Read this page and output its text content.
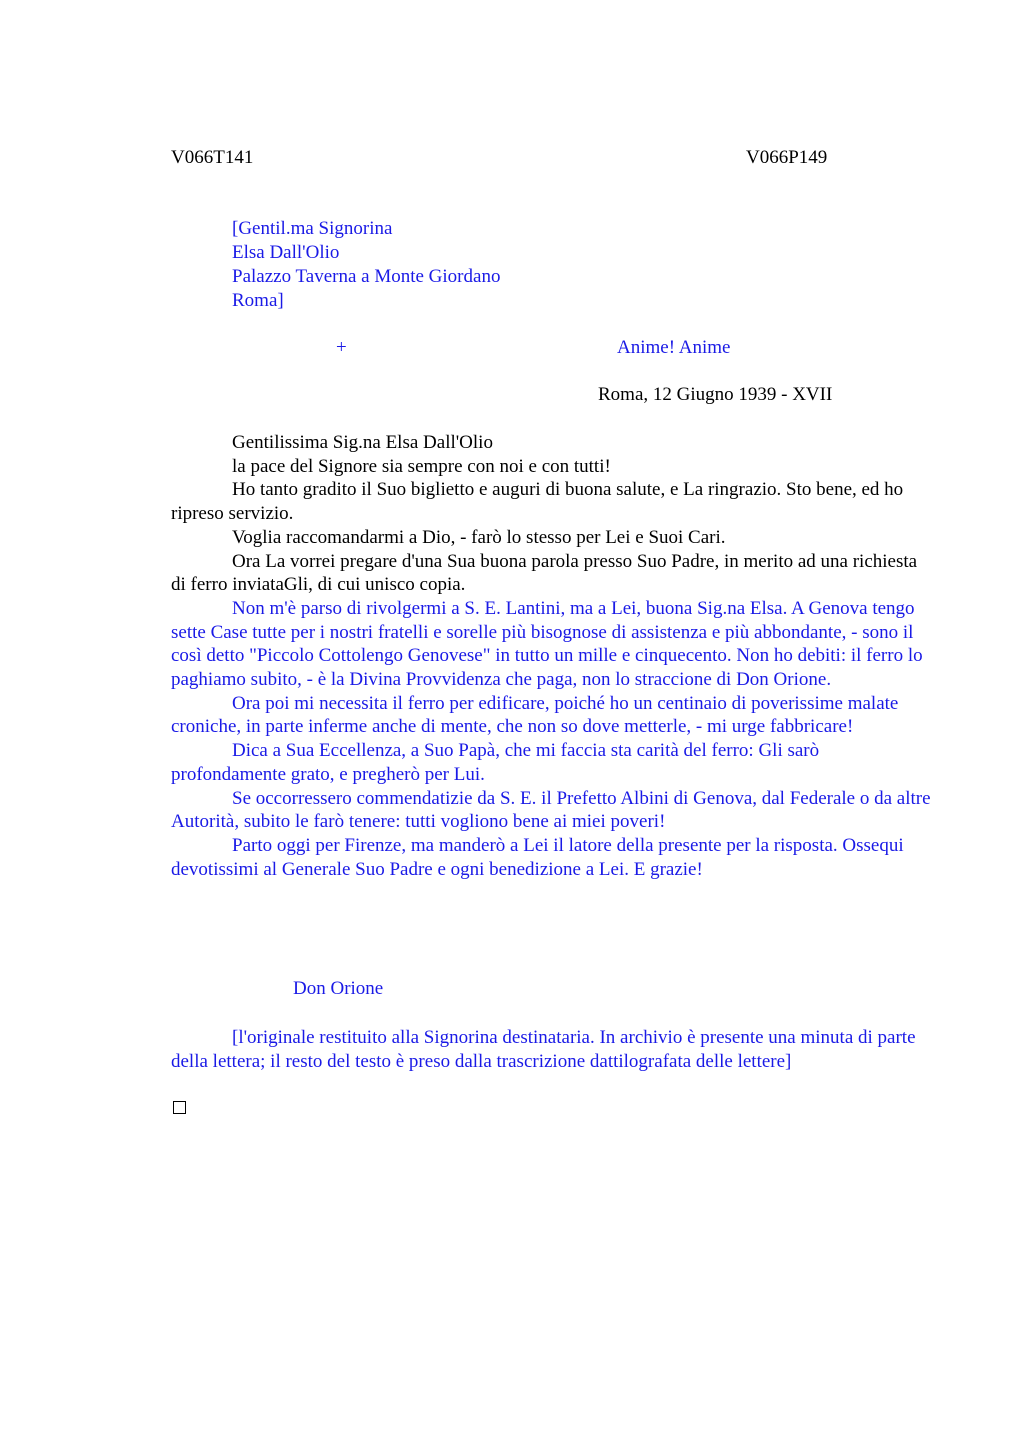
V066T141	V066P149
[Gentil.ma Signorina
Elsa Dall'Olio
Palazzo Taverna a Monte Giordano
Roma]
+	Anime! Anime
Roma, 12 Giugno 1939 - XVII

Gentilissima Sig.na Elsa Dall'Olio

la pace del Signore sia sempre con noi e con tutti!

Ho tanto gradito il Suo biglietto e auguri di buona salute, e La ringrazio. Sto bene, ed ho ripreso servizio.

Voglia raccomandarmi a Dio, - farò lo stesso per Lei e Suoi Cari.

Ora La vorrei pregare d'una Sua buona parola presso Suo Padre, in merito ad una richiesta di ferro inviataGli, di cui unisco copia.

Non m'è parso di rivolgermi a S. E. Lantini, ma a Lei, buona Sig.na Elsa. A Genova tengo sette Case tutte per i nostri fratelli e sorelle più bisognose di assistenza e più abbondante, - sono il così detto "Piccolo Cottolengo Genovese" in tutto un mille e cinquecento. Non ho debiti: il ferro lo paghiamo subito, - è la Divina Provvidenza che paga, non lo straccione di Don Orione.

Ora poi mi necessita il ferro per edificare, poiché ho un centinaio di poverissime malate croniche, in parte inferme anche di mente, che non so dove metterle, - mi urge fabbricare!

Dica a Sua Eccellenza, a Suo Papà, che mi faccia sta carità del ferro: Gli sarò profondamente grato, e pregherò per Lui.

Se occorressero commendatizie da S. E. il Prefetto Albini di Genova, dal Federale o da altre Autorità, subito le farò tenere: tutti vogliono bene ai miei poveri!

Parto oggi per Firenze, ma manderò a Lei il latore della presente per la risposta. Ossequi devotissimi al Generale Suo Padre e ogni benedizione a Lei. E grazie!

Don Orione

[l'originale restituito alla Signorina destinataria. In archivio è presente una minuta di parte della lettera; il resto del testo è preso dalla trascrizione dattilografata delle lettere]
